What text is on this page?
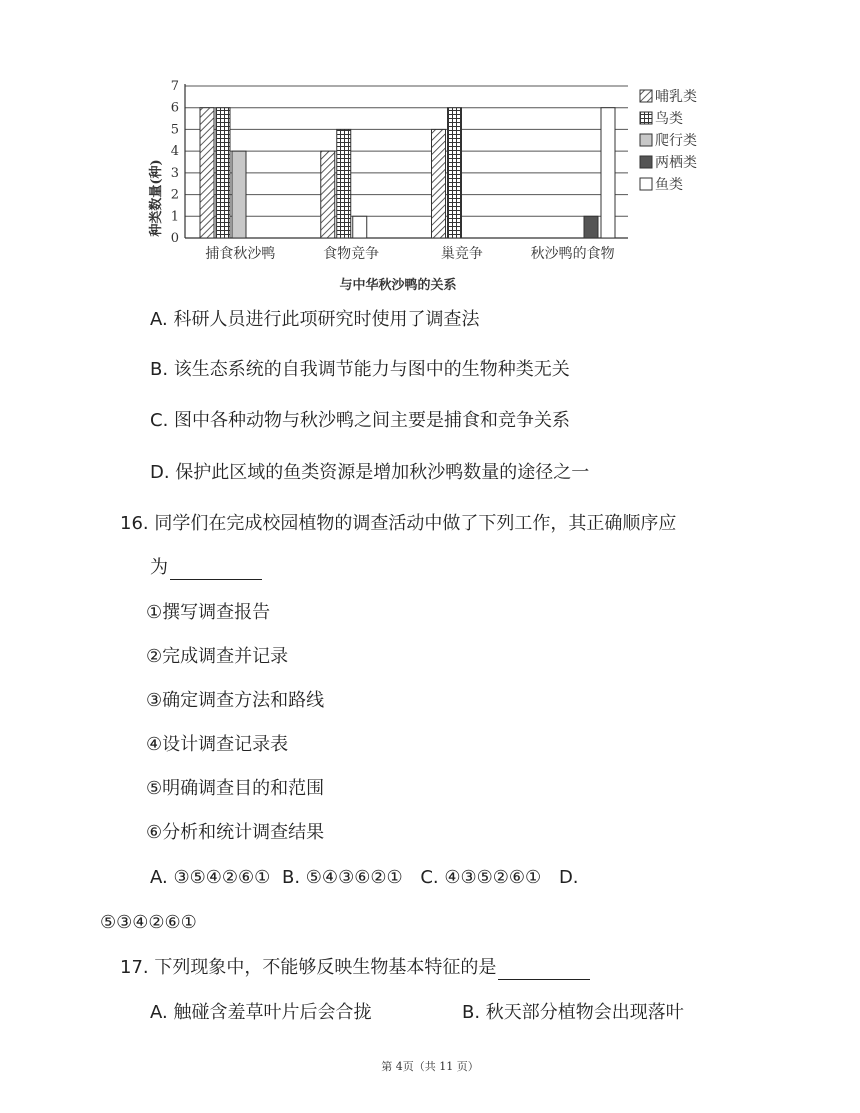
0
1
2
3
4
5
6
7
捕食秋沙鸭	食物竞争	巢竞争	秋沙鸭的食物
哺乳类
鸟类
爬行类
两栖类
鱼类
种类数量(种)
与中华秋沙鸭的关系
A. 科研人员进行此项研究时使用了调查法
B. 该生态系统的自我调节能力与图中的生物种类无关
C. 图中各种动物与秋沙鸭之间主要是捕食和竞争关系
D. 保护此区域的鱼类资源是增加秋沙鸭数量的途径之一
16. 同学们在完成校园植物的调查活动中做了下列工作，其正确顺序应
为
①撰写调查报告
②完成调查并记录
③确定调查方法和路线
④设计调查记录表
⑤明确调查目的和范围
⑥分析和统计调查结果
A. ③⑤④②⑥① B. ⑤④③⑥②① C. ④③⑤②⑥① D.
⑤③④②⑥①
17. 下列现象中，不能够反映生物基本特征的是
A. 触碰含羞草叶片后会合拢	B. 秋天部分植物会出现落叶
第 4页（共 11 页）
